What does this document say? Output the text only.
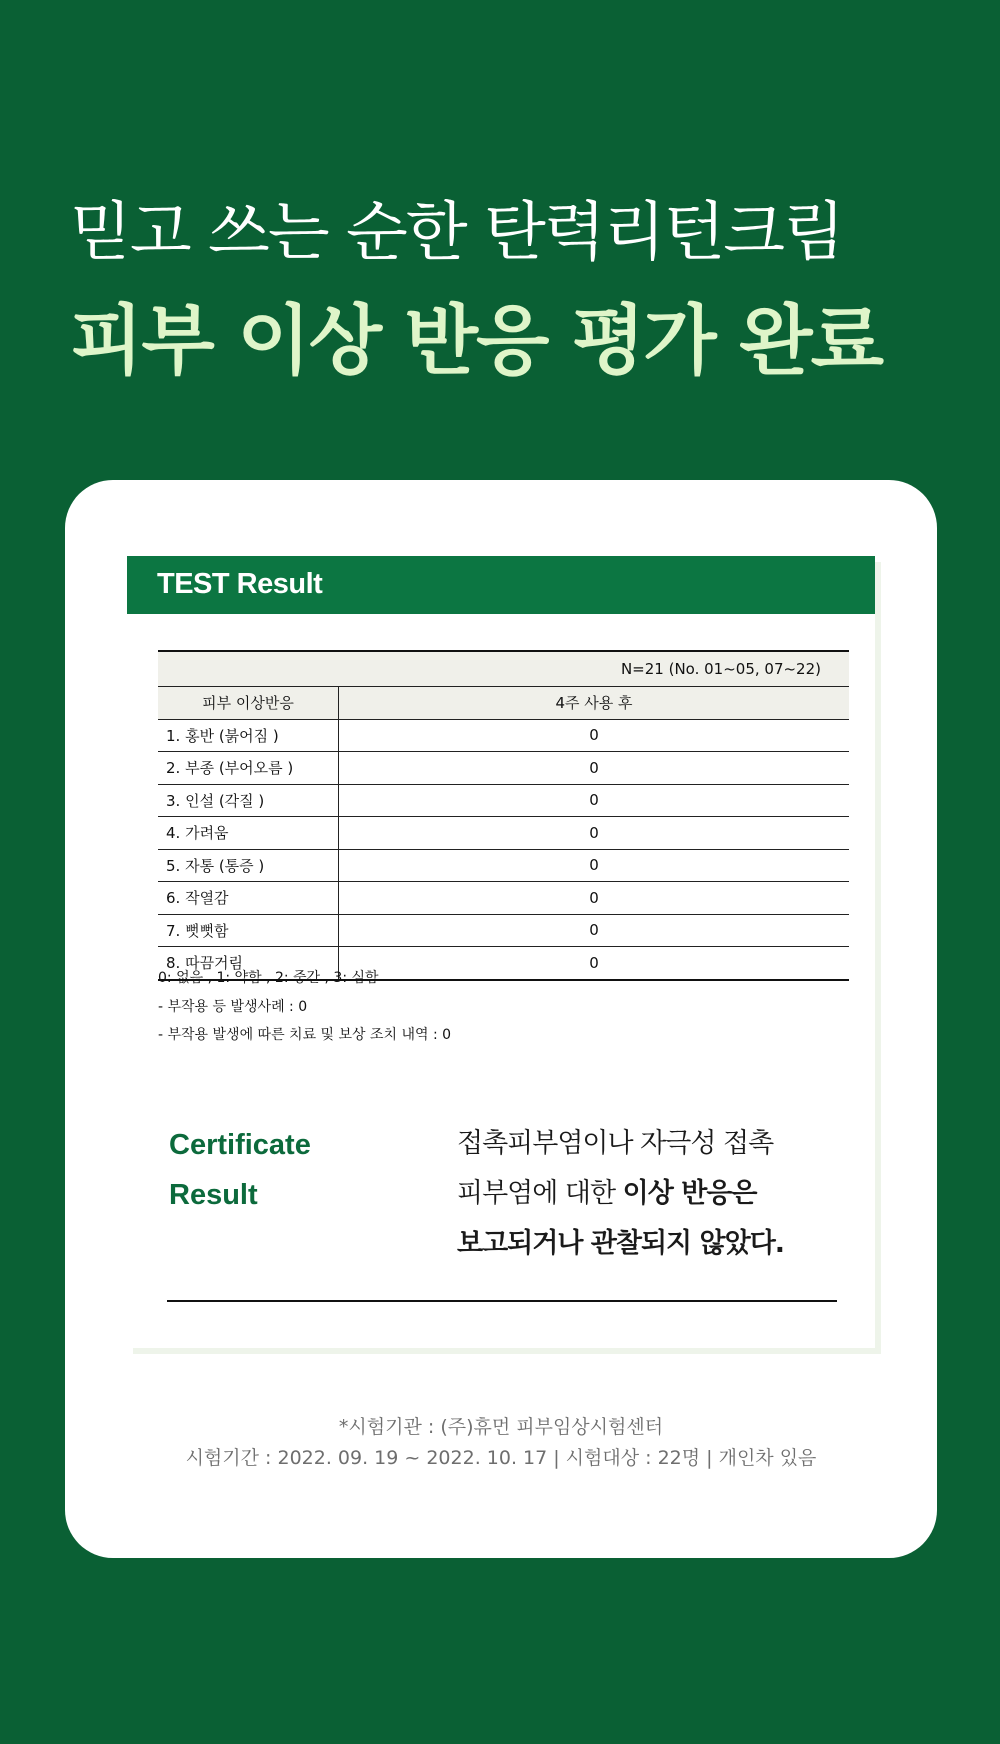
믿고 쓰는 순한 탄력리턴크림
피부 이상 반응 평가 완료
TEST Result
N=21 (No. 01~05, 07~22)	
피부 이상반응	4주 사용 후
1. 홍반 (붉어짐 )	0
2. 부종 (부어오름 )	0
3. 인설 (각질 )	0
4. 가려움	0
5. 자통 (통증 )	0
6. 작열감	0
7. 뻣뻣함	0
8. 따끔거림	0
0: 없음 , 1: 약함 , 2: 중간 , 3: 심함
- 부작용 등 발생사례 : 0
- 부작용 발생에 따른 치료 및 보상 조치 내역 : 0
Certificate
Result
접촉피부염이나 자극성 접촉
피부염에 대한 이상 반응은
보고되거나 관찰되지 않았다.
*시험기관 : (주)휴먼 피부임상시험센터
시험기간 : 2022. 09. 19 ~ 2022. 10. 17 | 시험대상 : 22명 | 개인차 있음
